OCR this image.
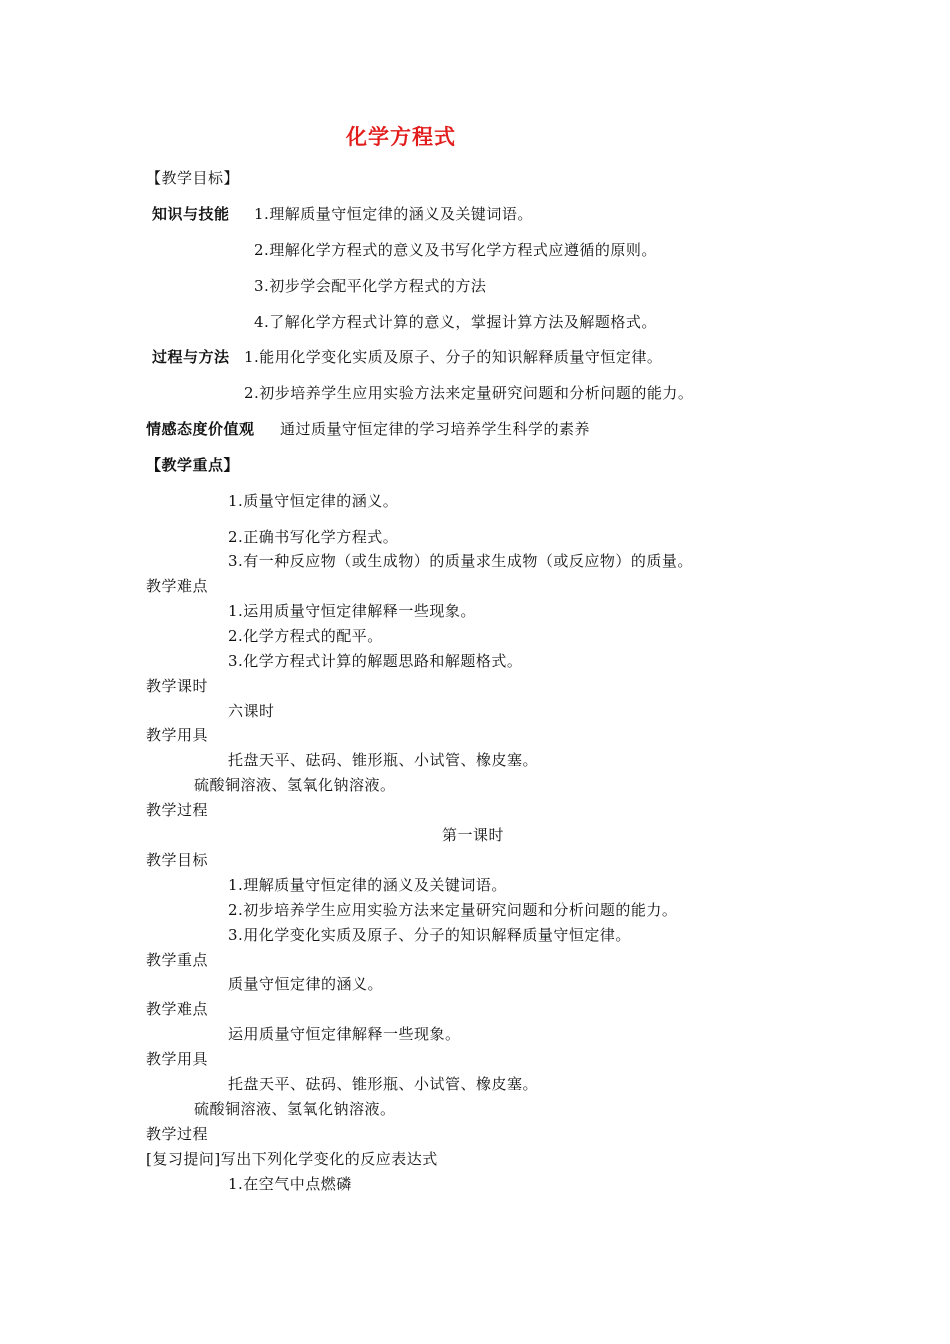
化学方程式
【教学目标】
知识与技能 1.理解质量守恒定律的涵义及关键词语。
2.理解化学方程式的意义及书写化学方程式应遵循的原则。
3.初步学会配平化学方程式的方法
4.了解化学方程式计算的意义，掌握计算方法及解题格式。
过程与方法 1.能用化学变化实质及原子、分子的知识解释质量守恒定律。
2.初步培养学生应用实验方法来定量研究问题和分析问题的能力。
情感态度价值观 通过质量守恒定律的学习培养学生科学的素养
【教学重点】
1.质量守恒定律的涵义。
2.正确书写化学方程式。
3.有一种反应物（或生成物）的质量求生成物（或反应物）的质量。
教学难点
1.运用质量守恒定律解释一些现象。
2.化学方程式的配平。
3.化学方程式计算的解题思路和解题格式。
教学课时
六课时
教学用具
托盘天平、砝码、锥形瓶、小试管、橡皮塞。
硫酸铜溶液、氢氧化钠溶液。
教学过程
第一课时
教学目标
1.理解质量守恒定律的涵义及关键词语。
2.初步培养学生应用实验方法来定量研究问题和分析问题的能力。
3.用化学变化实质及原子、分子的知识解释质量守恒定律。
教学重点
质量守恒定律的涵义。
教学难点
运用质量守恒定律解释一些现象。
教学用具
托盘天平、砝码、锥形瓶、小试管、橡皮塞。
硫酸铜溶液、氢氧化钠溶液。
教学过程
[复习提问]写出下列化学变化的反应表达式
1.在空气中点燃磷
